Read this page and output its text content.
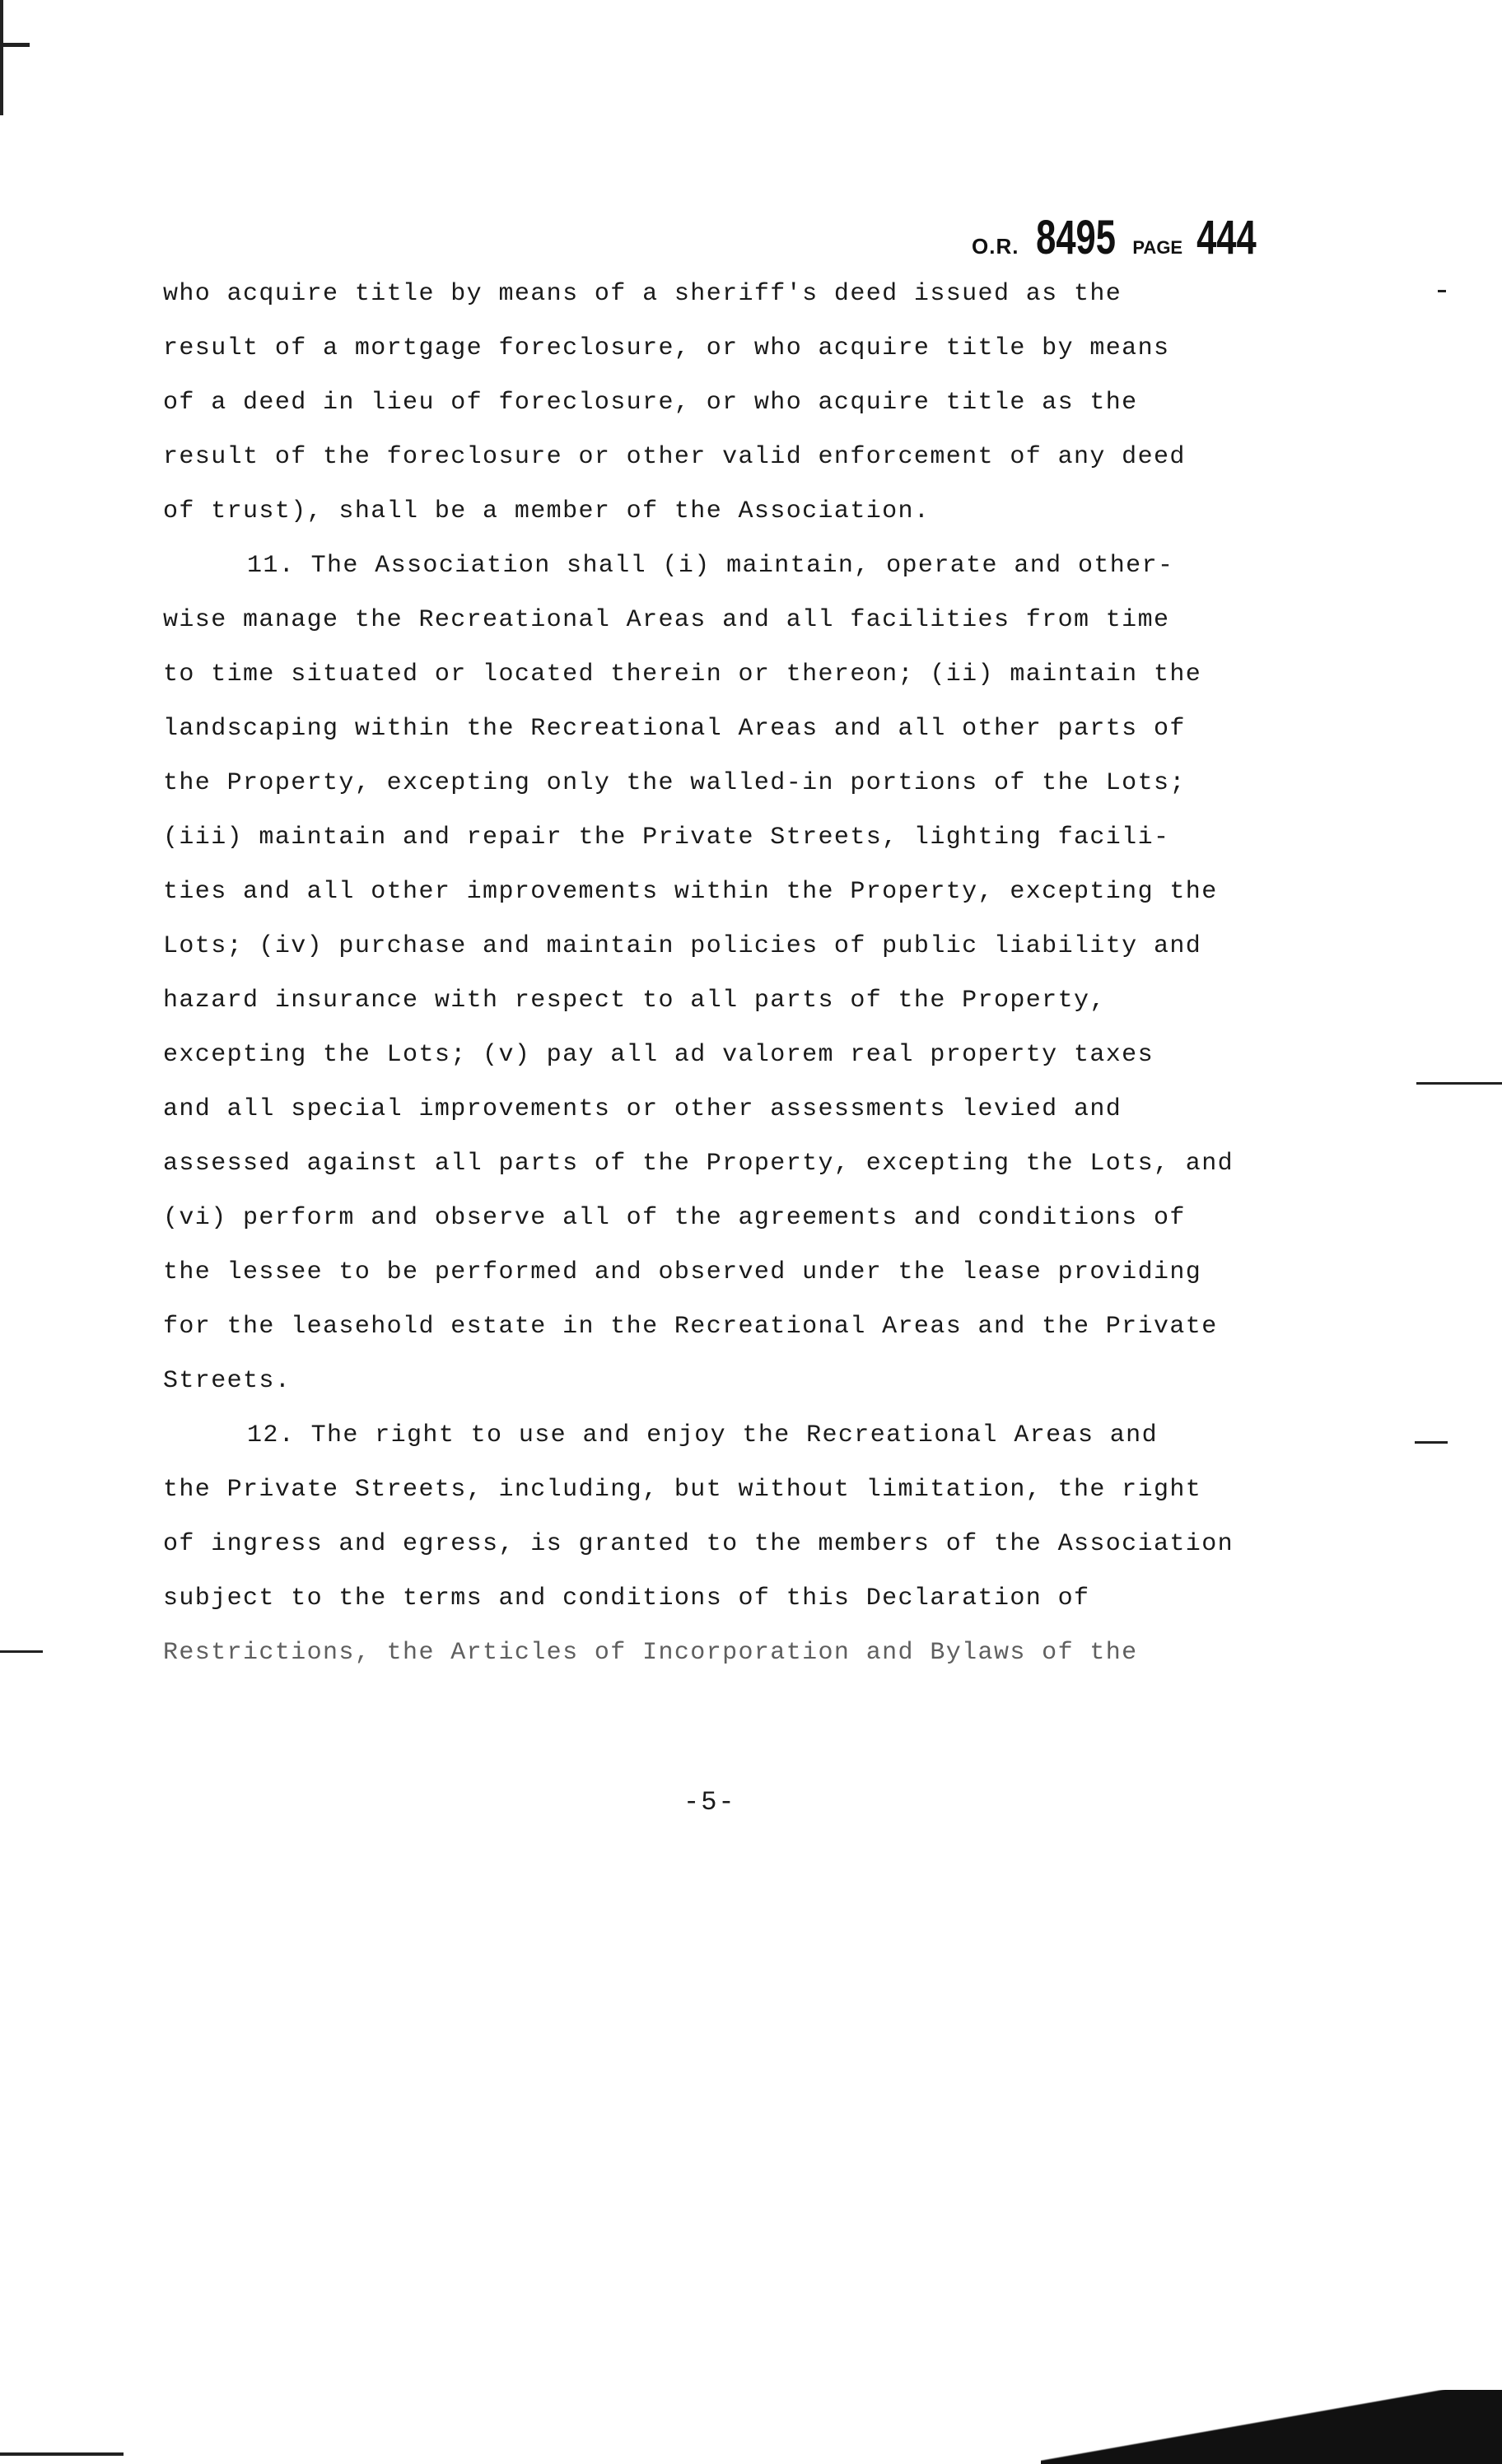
O.R. 8495 PAGE 444
who acquire title by means of a sheriff's deed issued as the
result of a mortgage foreclosure, or who acquire title by means
of a deed in lieu of foreclosure, or who acquire title as the
result of the foreclosure or other valid enforcement of any deed
of trust), shall be a member of the Association.
11. The Association shall (i) maintain, operate and other-
wise manage the Recreational Areas and all facilities from time
to time situated or located therein or thereon; (ii) maintain the
landscaping within the Recreational Areas and all other parts of
the Property, excepting only the walled-in portions of the Lots;
(iii) maintain and repair the Private Streets, lighting facili-
ties and all other improvements within the Property, excepting the
Lots; (iv) purchase and maintain policies of public liability and
hazard insurance with respect to all parts of the Property,
excepting the Lots; (v) pay all ad valorem real property taxes
and all special improvements or other assessments levied and
assessed against all parts of the Property, excepting the Lots, and
(vi) perform and observe all of the agreements and conditions of
the lessee to be performed and observed under the lease providing
for the leasehold estate in the Recreational Areas and the Private
Streets.
12. The right to use and enjoy the Recreational Areas and
the Private Streets, including, but without limitation, the right
of ingress and egress, is granted to the members of the Association
subject to the terms and conditions of this Declaration of
Restrictions, the Articles of Incorporation and Bylaws of the
-5-
